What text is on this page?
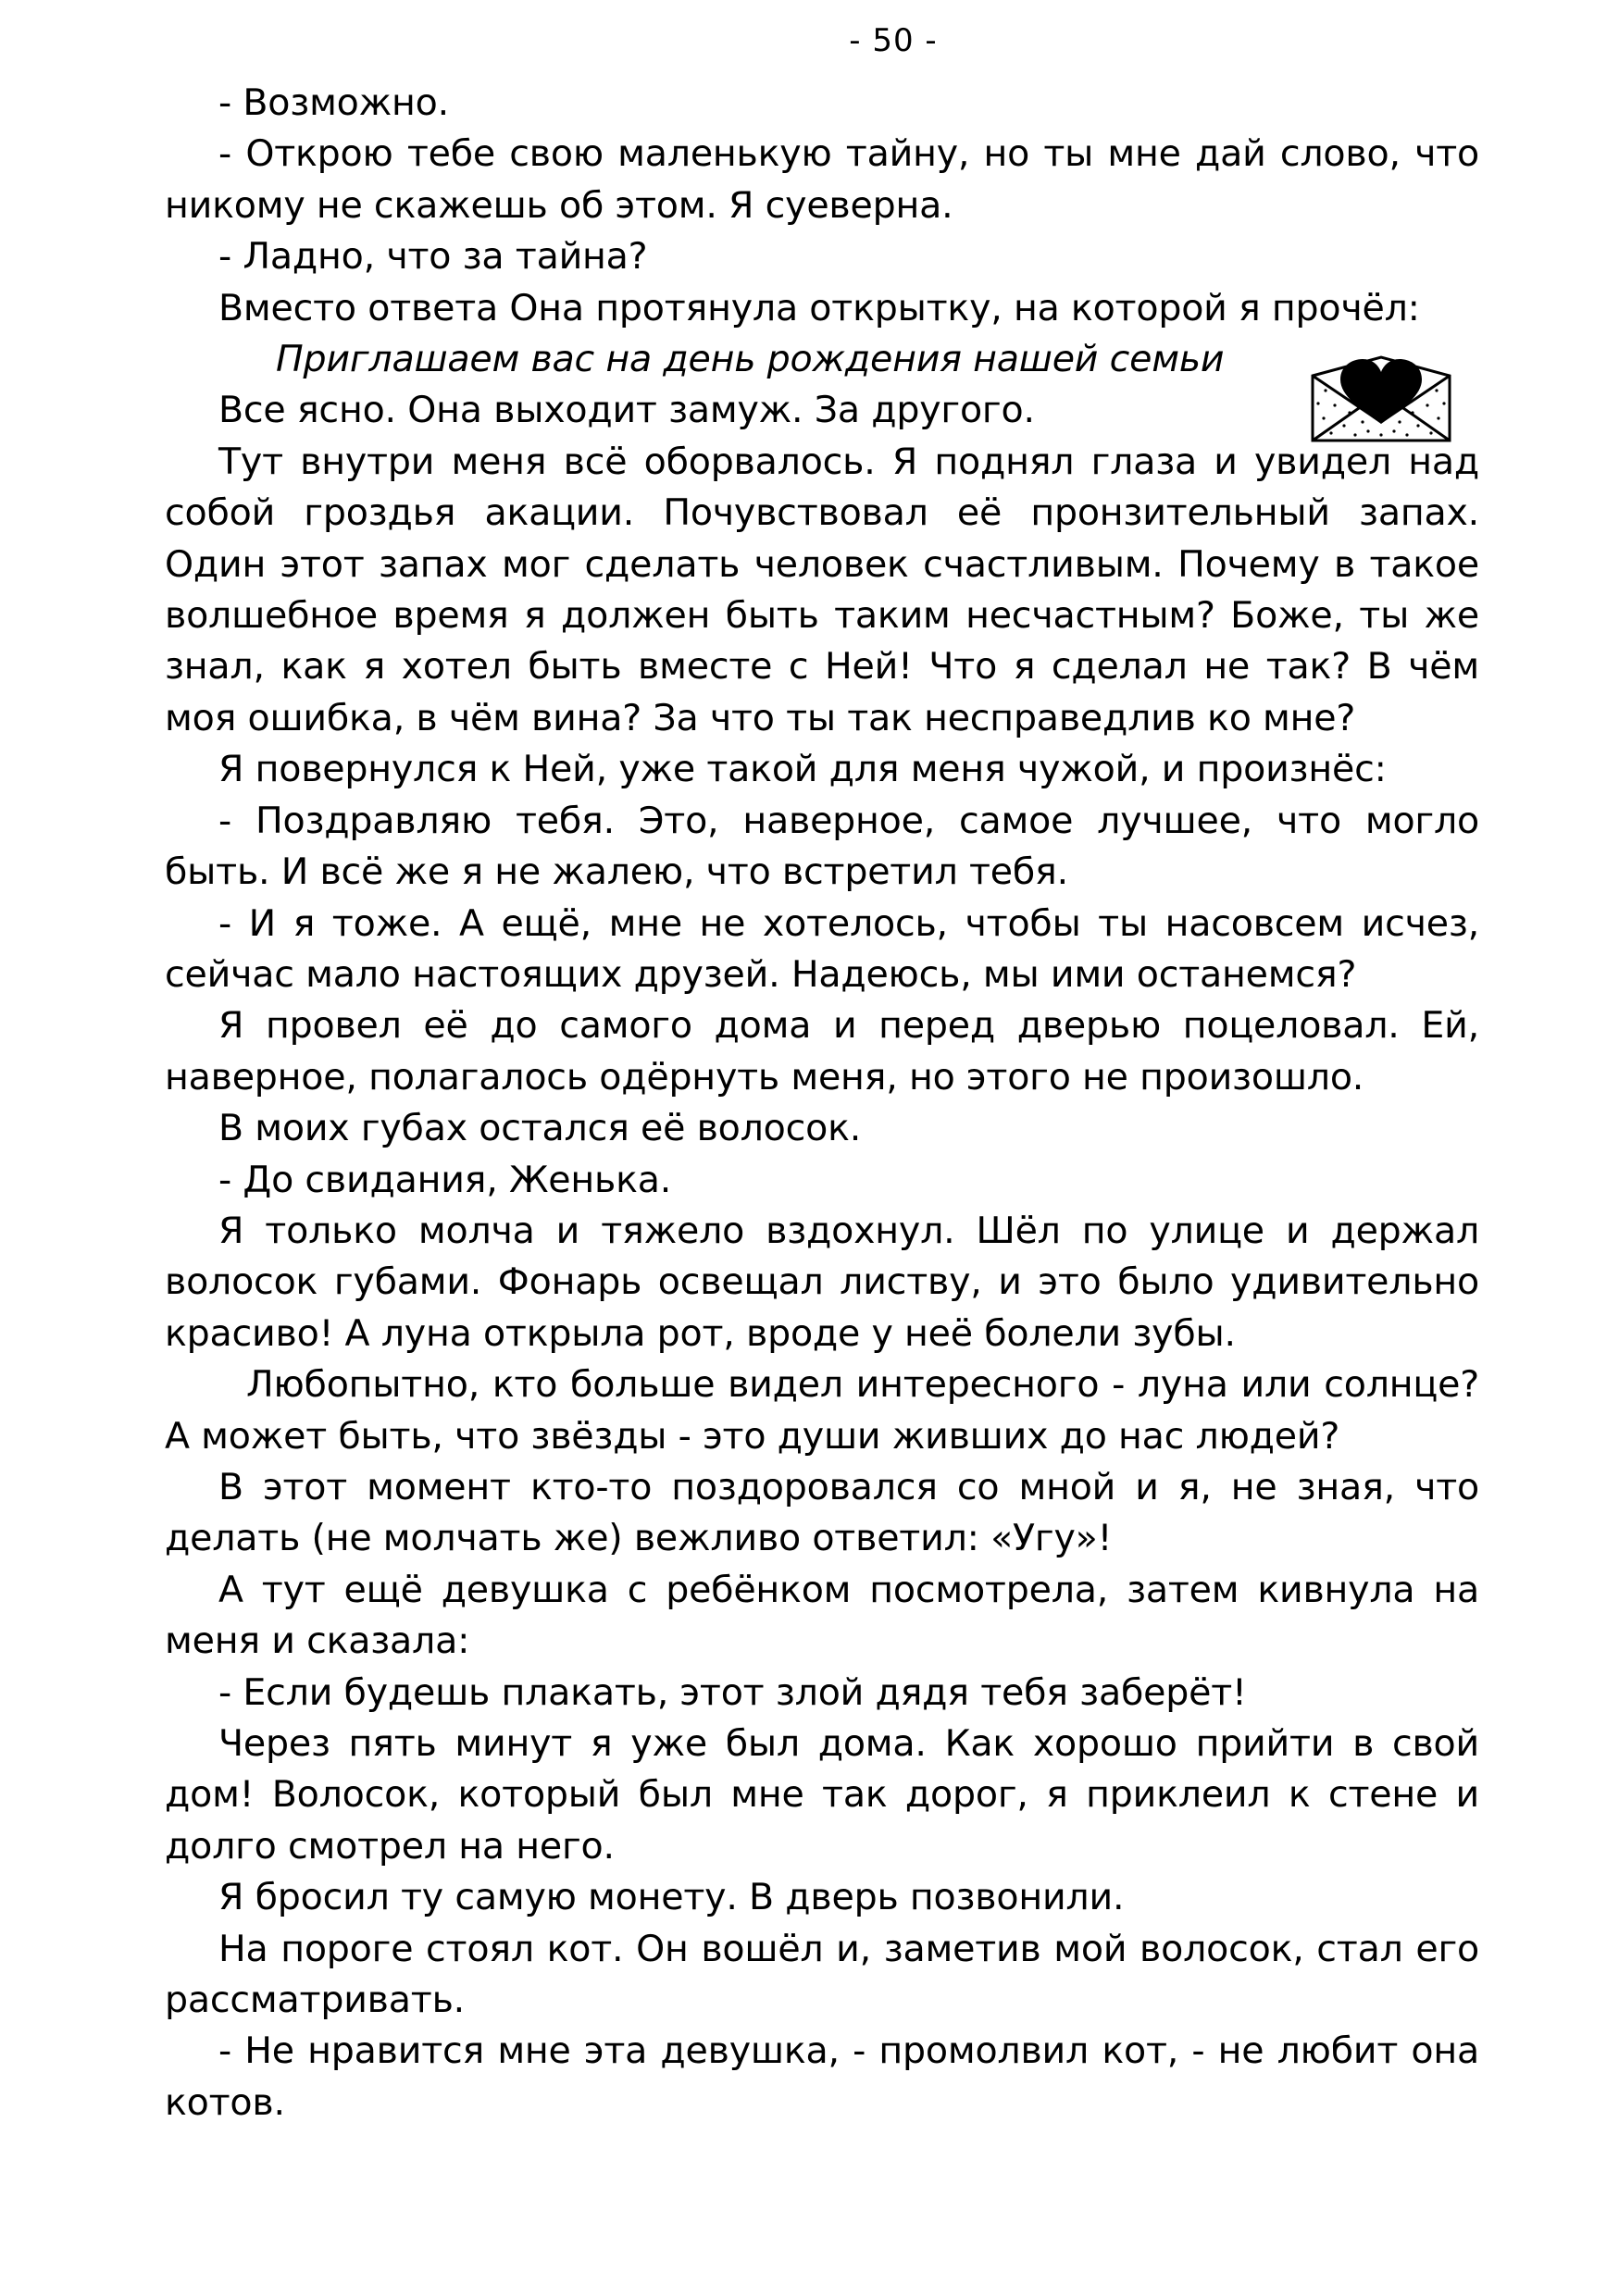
- 50 -

- Возможно.

- Открою тебе свою маленькую тайну, но ты мне дай слово, что никому не скажешь об этом. Я суеверна.

- Ладно, что за тайна?

Вместо ответа Она протянула открытку, на которой я прочёл:

Приглашаем вас на день рождения нашей семьи

Все ясно. Она выходит замуж. За другого.

Тут внутри меня всё оборвалось. Я поднял глаза и увидел над собой гроздья акации. Почувствовал её пронзительный запах. Один этот запах мог сделать человек счастливым. Почему в такое волшебное время я должен быть таким несчастным? Боже, ты же знал, как я хотел быть вместе с Ней! Что я сделал не так? В чём моя ошибка, в чём вина? За что ты так несправедлив ко мне?

Я повернулся к Ней, уже такой для меня чужой, и произнёс:

- Поздравляю тебя. Это, наверное, самое лучшее, что могло быть. И всё же я не жалею, что встретил тебя.

- И я тоже. А ещё, мне не хотелось, чтобы ты насовсем исчез, сейчас мало настоящих друзей. Надеюсь, мы ими останемся?

Я провел её до самого дома и перед дверью поцеловал. Ей, наверное, полагалось одёрнуть меня, но этого не произошло.

В моих губах остался её волосок.

- До свидания, Женька.

Я только молча и тяжело вздохнул. Шёл по улице и держал волосок губами. Фонарь освещал листву, и это было удивительно красиво! А луна открыла рот, вроде у неё болели зубы.

Любопытно, кто больше видел интересного - луна или солнце? А может быть, что звёзды - это души живших до нас людей?

В этот момент кто-то поздоровался со мной и я, не зная, что делать (не молчать же) вежливо ответил: «Угу»!

А тут ещё девушка с ребёнком посмотрела, затем кивнула на меня и сказала:

- Если будешь плакать, этот злой дядя тебя заберёт!

Через пять минут я уже был дома. Как хорошо прийти в свой дом! Волосок, который был мне так дорог, я приклеил к стене и долго смотрел на него.

Я бросил ту самую монету. В дверь позвонили.

На пороге стоял кот. Он вошёл и, заметив мой волосок, стал его рассматривать.

- Не нравится мне эта девушка, - промолвил кот, - не любит она котов.
